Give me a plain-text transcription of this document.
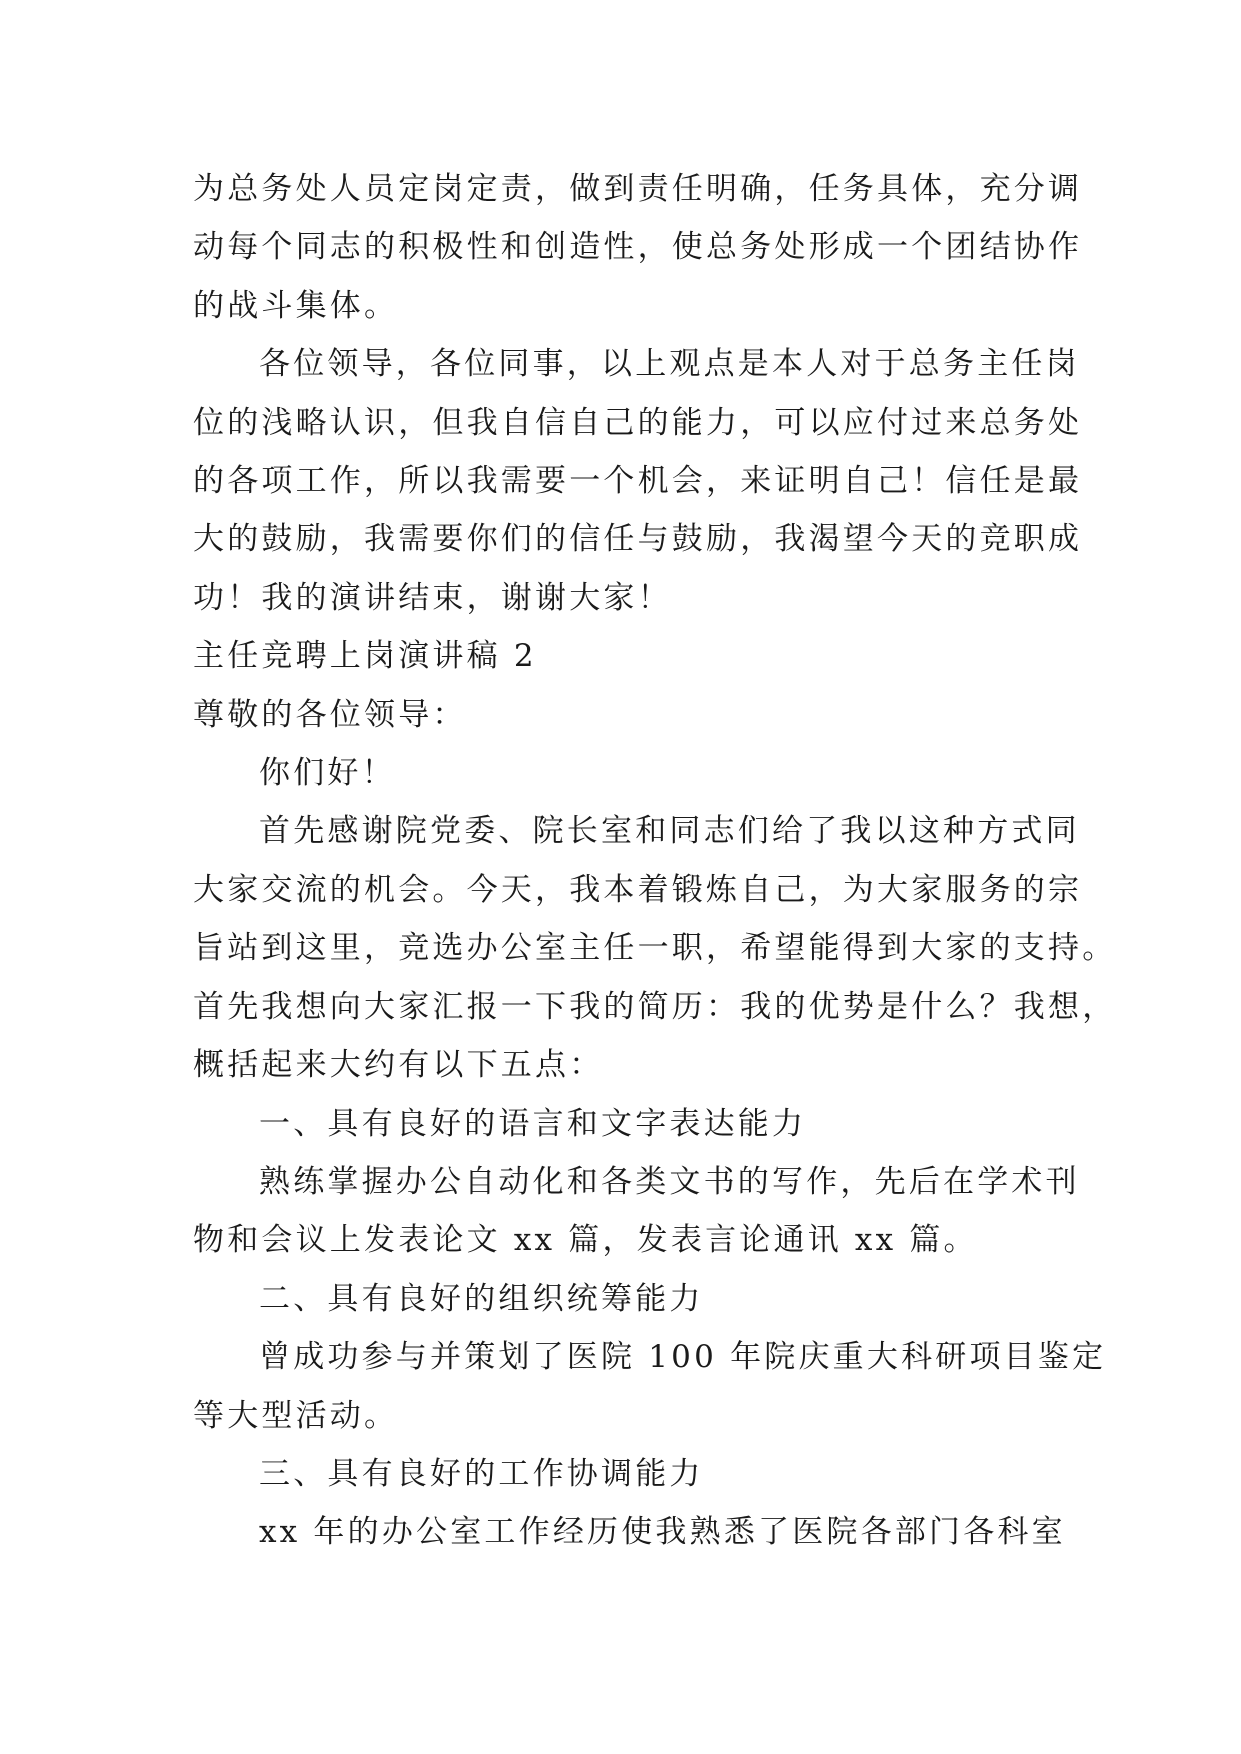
为总务处人员定岗定责，做到责任明确，任务具体，充分调
动每个同志的积极性和创造性，使总务处形成一个团结协作
的战斗集体。
各位领导，各位同事，以上观点是本人对于总务主任岗
位的浅略认识，但我自信自己的能力，可以应付过来总务处
的各项工作，所以我需要一个机会，来证明自己！信任是最
大的鼓励，我需要你们的信任与鼓励，我渴望今天的竞职成
功！我的演讲结束，谢谢大家！
主任竞聘上岗演讲稿 2
尊敬的各位领导：
你们好！
首先感谢院党委、院长室和同志们给了我以这种方式同
大家交流的机会。今天，我本着锻炼自己，为大家服务的宗
旨站到这里，竞选办公室主任一职，希望能得到大家的支持。
首先我想向大家汇报一下我的简历：我的优势是什么？我想，
概括起来大约有以下五点：
一、具有良好的语言和文字表达能力
熟练掌握办公自动化和各类文书的写作，先后在学术刊
物和会议上发表论文 xx 篇，发表言论通讯 xx 篇。
二、具有良好的组织统筹能力
曾成功参与并策划了医院 100 年院庆重大科研项目鉴定
等大型活动。
三、具有良好的工作协调能力
xx 年的办公室工作经历使我熟悉了医院各部门各科室
